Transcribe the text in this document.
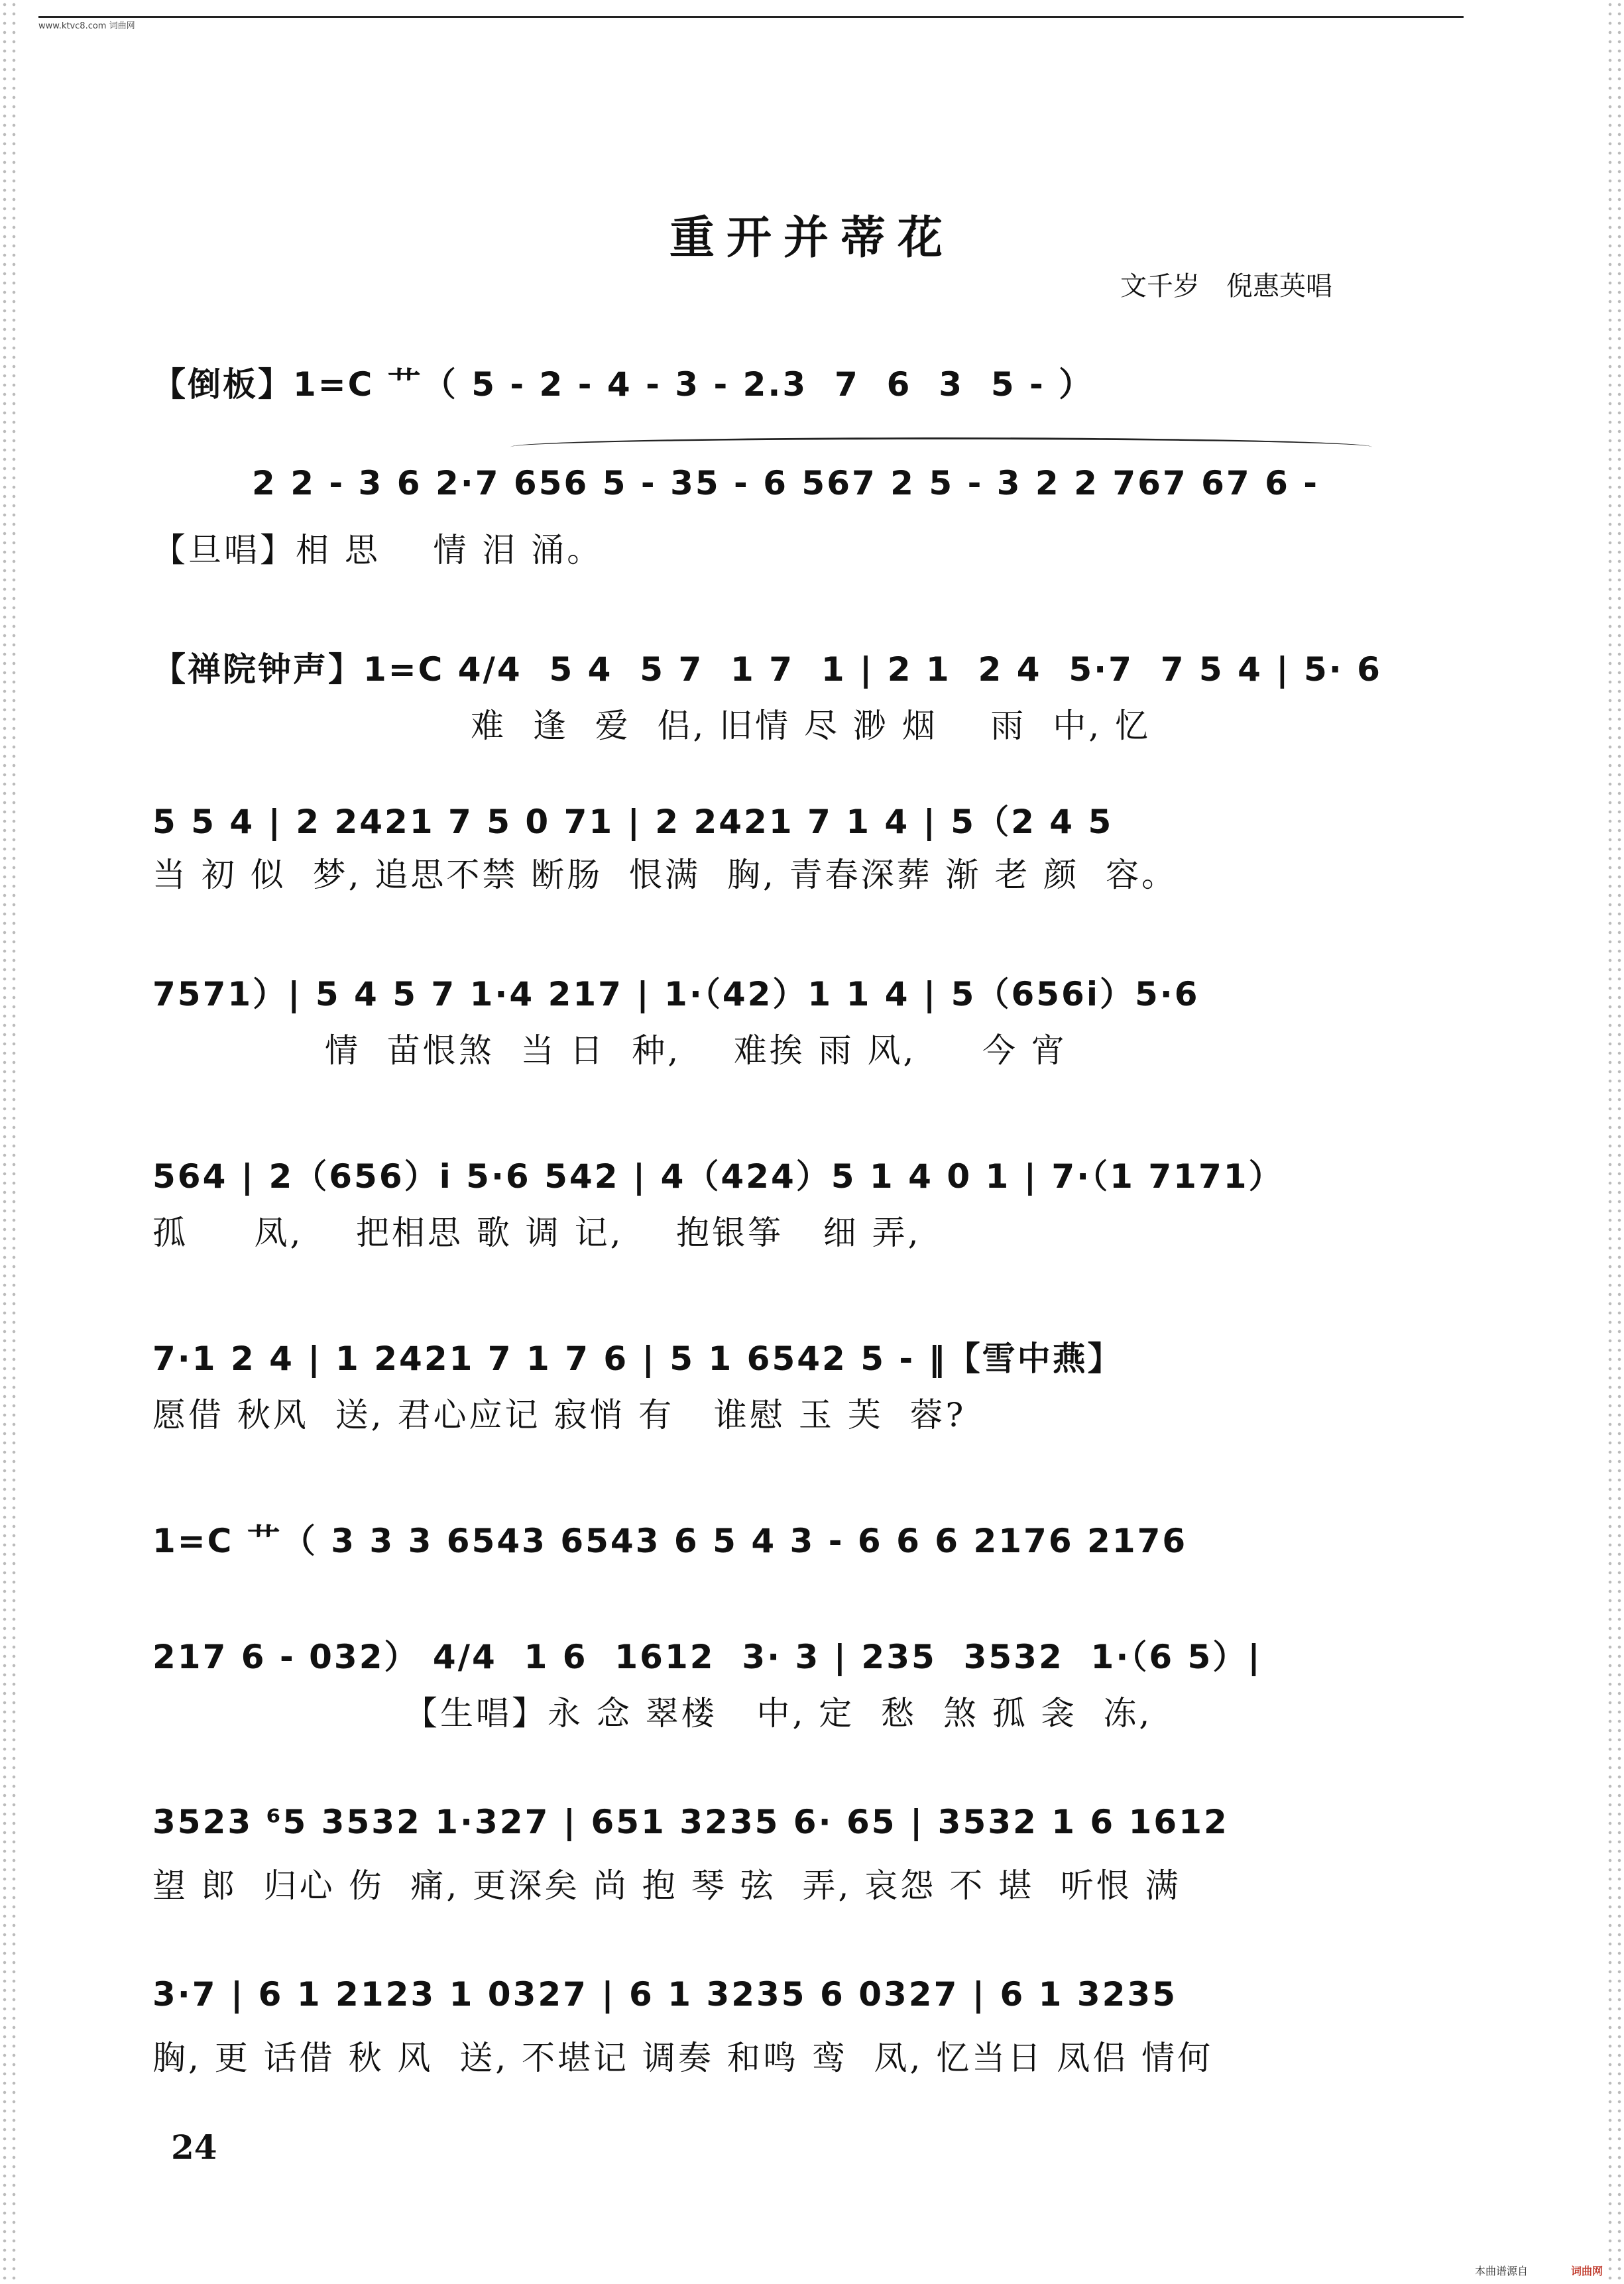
www.ktvc8.com 词曲网
重开并蒂花
文千岁　倪惠英唱
【倒板】1=C 艹（ 5 - 2 - 4 - 3 - 2.3  7  6  3  5 - ）
2 2 - 3 6 2·7 656 5 - 35 - 6 567 2 5 - 3 2 2 767 67 6 -
【旦唱】相 思    情 泪 涌。
【禅院钟声】1=C 4/4  5 4  5 7  1 7  1 | 2 1  2 4  5·7  7 5 4 | 5· 6
难  逢  爱  侣, 旧情 尽 渺 烟    雨  中, 忆
5 5 4 | 2 2421 7 5 0 71 | 2 2421 7 1 4 | 5（2 4 5
当 初 似  梦, 追思不禁 断肠  恨满  胸, 青春深葬 渐 老 颜  容。
7571）| 5 4 5 7 1·4 217 | 1·（42）1 1 4 | 5（656i）5·6
情  苗恨煞  当 日  种,    难挨 雨 风,     今 宵
564 | 2（656）i 5·6 542 | 4（424）5 1 4 0 1 | 7·（1 7171）
孤     凤,    把相思 歌 调 记,    抱银筝   细 弄,
7·1 2 4 | 1 2421 7 1 7 6 | 5 1 6542 5 - ‖【雪中燕】
愿借 秋风  送, 君心应记 寂悄 有   谁慰 玉 芙  蓉?
1=C 艹（ 3 3 3 6543 6543 6 5 4 3 - 6 6 6 2176 2176
217 6 - 032） 4/4  1 6  1612  3· 3 | 235  3532  1·（6 5）|
【生唱】永 念 翠楼   中, 定  愁  煞 孤 衾  冻,
3523 ⁶5 3532 1·327 | 651 3235 6· 65 | 3532 1 6 1612
望 郎  归心 伤  痛, 更深矣 尚 抱 琴 弦  弄, 哀怨 不 堪  听恨 满
3·7 | 6 1 2123 1 0327 | 6 1 3235 6 0327 | 6 1 3235
胸, 更 话借 秋 风  送, 不堪记 调奏 和鸣 鸾  凤, 忆当日 凤侣 情何
24
本曲谱源自	词曲网
